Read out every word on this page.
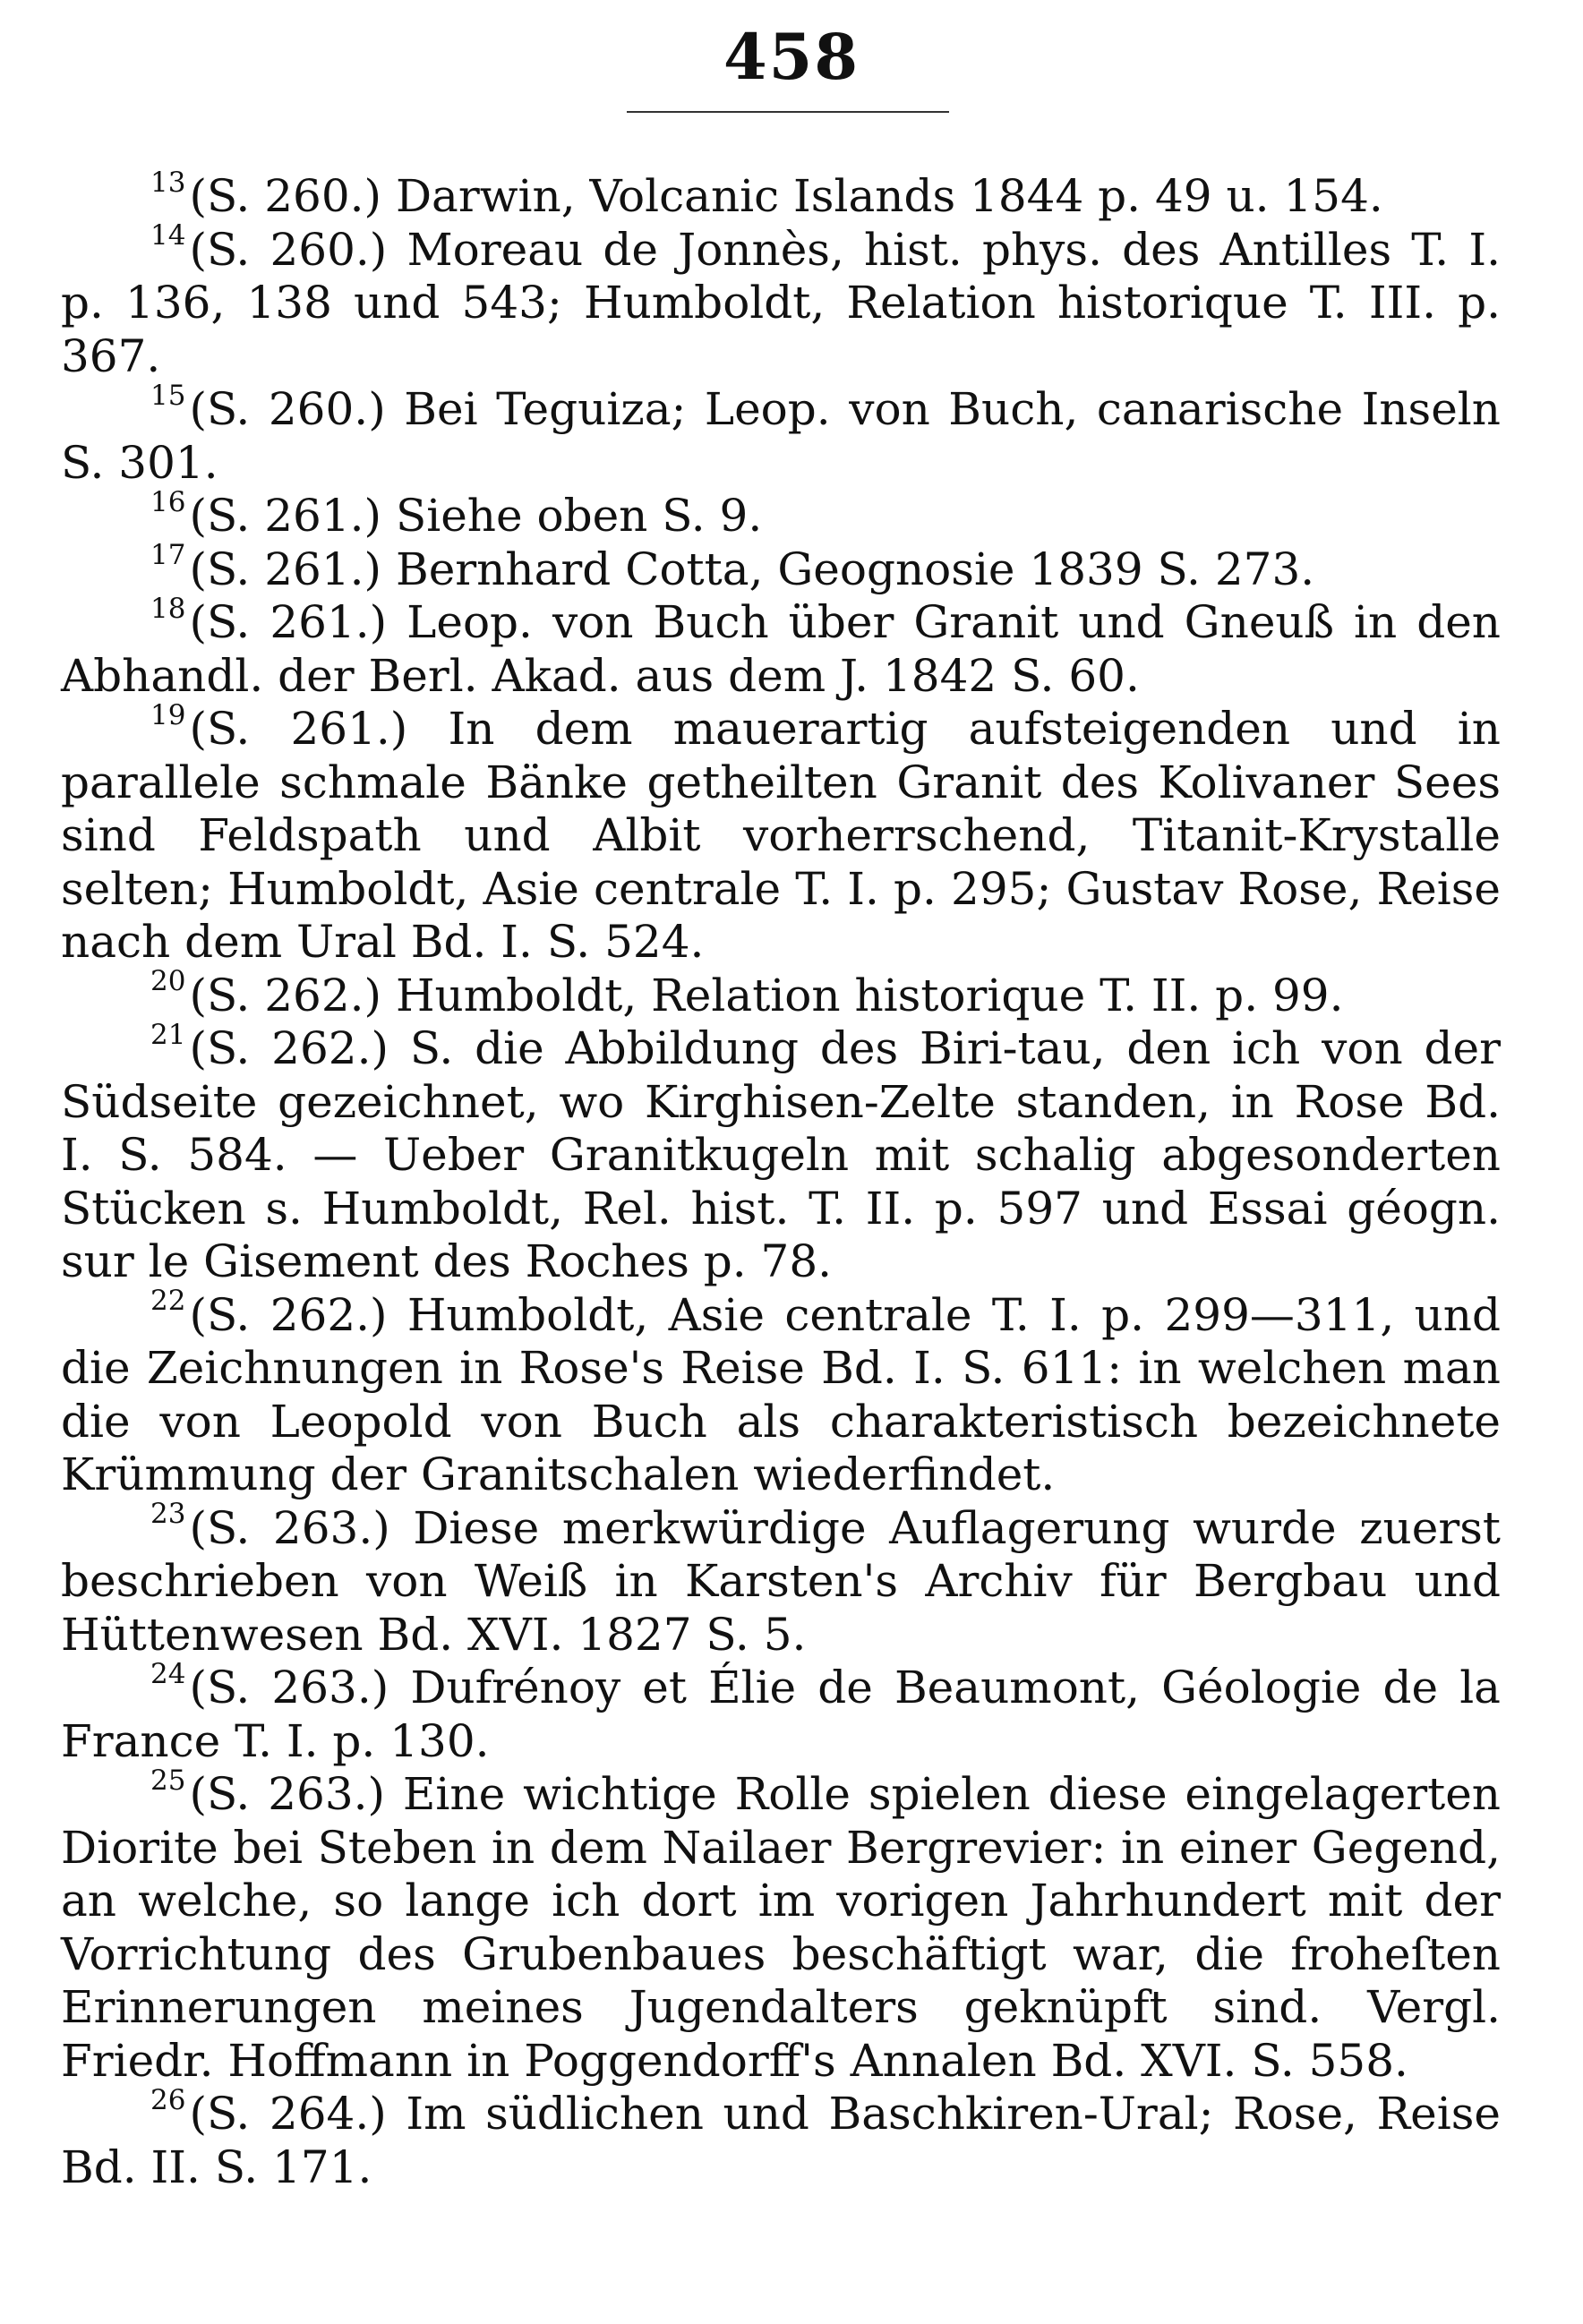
458

$^{13}$(S. 260.) Darwin, Volcanic Islands 1844 p. 49 u. 154.

$^{14}$(S. 260.) Moreau de Jonnès, hist. phys. des Antilles T. I. p. 136, 138 und 543; Humboldt, Relation historique T. III. p. 367.

$^{15}$(S. 260.) Bei Teguiza; Leop. von Buch, canarische Inseln S. 301.

$^{16}$(S. 261.) Siehe oben S. 9.

$^{17}$(S. 261.) Bernhard Cotta, Geognosie 1839 S. 273.

$^{18}$(S. 261.) Leop. von Buch über Granit und Gneuß in den Abhandl. der Berl. Akad. aus dem J. 1842 S. 60.

$^{19}$(S. 261.) In dem mauerartig aufsteigenden und in parallele schmale Bänke getheilten Granit des Kolivaner Sees sind Feldspath und Albit vorherrschend, Titanit-Krystalle selten; Humboldt, Asie centrale T. I. p. 295; Gustav Rose, Reise nach dem Ural Bd. I. S. 524.

$^{20}$(S. 262.) Humboldt, Relation historique T. II. p. 99.

$^{21}$(S. 262.) S. die Abbildung des Biri-tau, den ich von der Südseite gezeichnet, wo Kirghisen-Zelte standen, in Rose Bd. I. S. 584. — Ueber Granitkugeln mit schalig abgesonderten Stücken s. Humboldt, Rel. hist. T. II. p. 597 und Essai géogn. sur le Gisement des Roches p. 78.

$^{22}$(S. 262.) Humboldt, Asie centrale T. I. p. 299—311, und die Zeichnungen in Rose's Reise Bd. I. S. 611: in welchen man die von Leopold von Buch als charakteristisch bezeichnete Krümmung der Granitschalen wiederfindet.

$^{23}$(S. 263.) Diese merkwürdige Auflagerung wurde zuerst beschrieben von Weiß in Karsten's Archiv für Bergbau und Hüttenwesen Bd. XVI. 1827 S. 5.

$^{24}$(S. 263.) Dufrénoy et Élie de Beaumont, Géologie de la France T. I. p. 130.

$^{25}$(S. 263.) Eine wichtige Rolle spielen diese eingelagerten Diorite bei Steben in dem Nailaer Bergrevier: in einer Gegend, an welche, so lange ich dort im vorigen Jahrhundert mit der Vorrichtung des Grubenbaues beschäftigt war, die froheſten Erinnerungen meines Jugendalters geknüpft sind. Vergl. Friedr. Hoffmann in Poggendorff's Annalen Bd. XVI. S. 558.

$^{26}$(S. 264.) Im südlichen und Baschkiren-Ural; Rose, Reise Bd. II. S. 171.
